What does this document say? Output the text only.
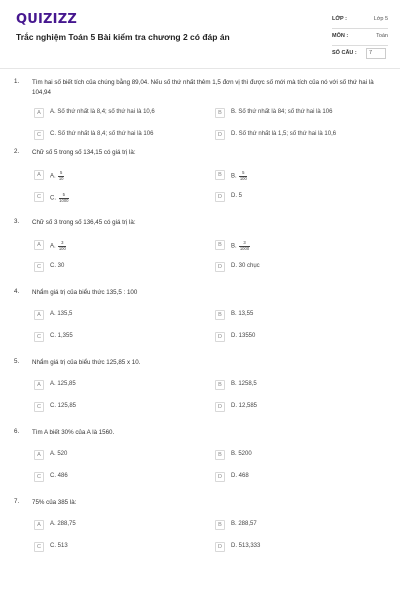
QUIZIZZ
Trắc nghiệm Toán 5 Bài kiểm tra chương 2 có đáp án
LỚP :	Lớp 5
MÔN :	Toán
SỐ CÂU :	7
1. Tìm hai số biết tích của chúng bằng 89,04. Nếu số thứ nhất thêm 1,5 đơn vị thì được số mới mà tích của nó với số thứ hai là 104,94
A	A. Số thứ nhất là 8,4; số thứ hai là 10,6	B	B. Số thứ nhất là 84; số thứ hai là 106
C	C. Số thứ nhất là 8,4; số thứ hai là 106	D	D. Số thứ nhất là 1,5; số thứ hai là 10,6
2. Chữ số 5 trong số 134,15 có giá trị là:
A	A. $\frac{5}{10}$	B	B. $\frac{5}{100}$
C	C. $\frac{5}{1000}$	D	D. 5
3. Chữ số 3 trong số 136,45 có giá trị là:
A	A. $\frac{3}{100}$	B	B. $\frac{3}{1000}$
C	C. 30	D	D. 30 chục
4. Nhẩm giá trị của biểu thức 135,5 : 100
A	A. 135,5	B	B. 13,55
C	C. 1,355	D	D. 13550
5. Nhẩm giá trị của biểu thức 125,85 x 10.
A	A. 125,85	B	B. 1258,5
C	C. 125,85	D	D. 12,585
6. Tìm A biết 30% của A là 1560.
A	A. 520	B	B. 5200
C	C. 486	D	D. 468
7. 75% của 385 là:
A	A. 288,75	B	B. 288,57
C	C. 513	D	D. 513,333
